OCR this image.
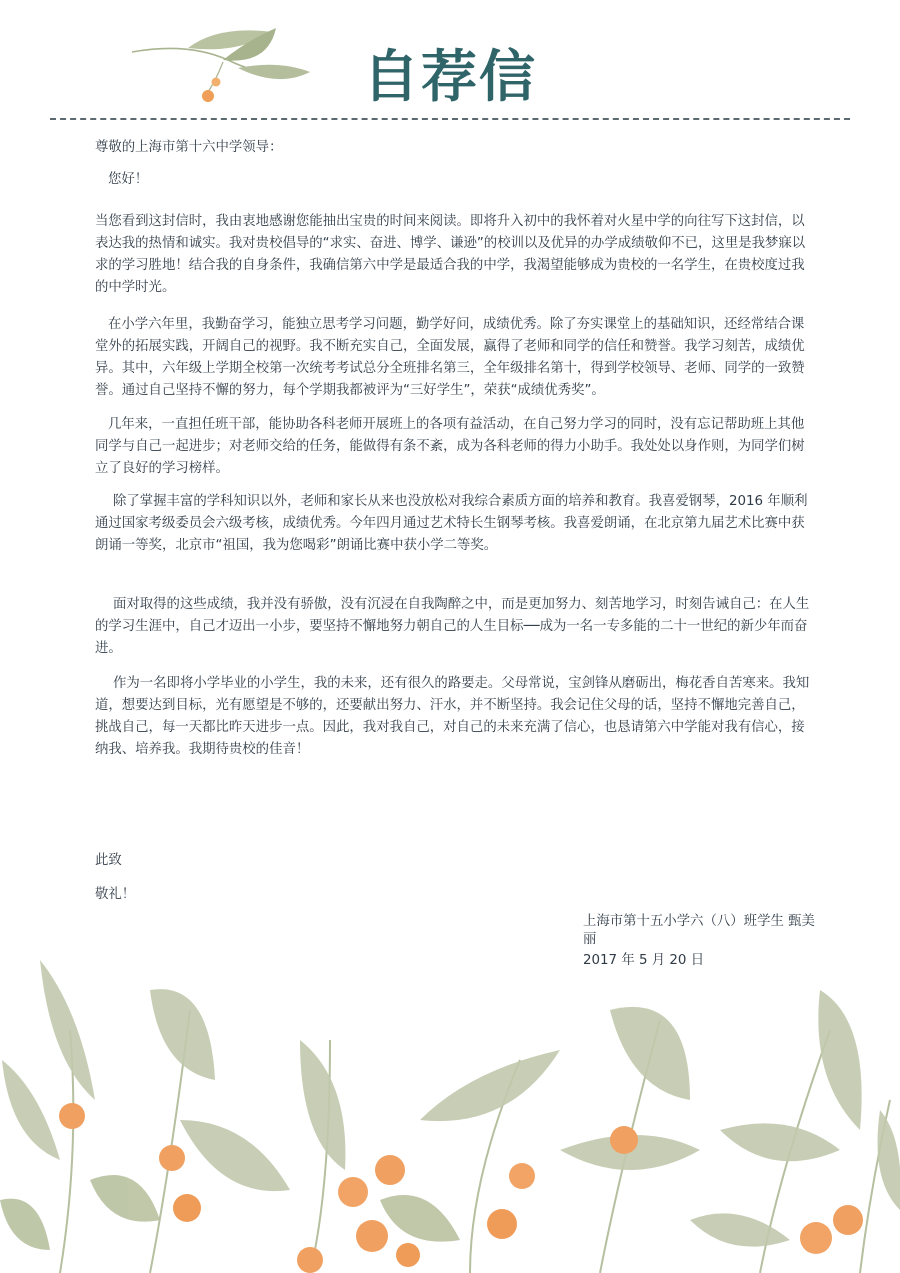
自荐信
尊敬的上海市第十六中学领导：
您好！

当您看到这封信时，我由衷地感谢您能抽出宝贵的时间来阅读。即将升入初中的我怀着对火星中学的向往写下这封信，以表达我的热情和诚实。我对贵校倡导的“求实、奋进、博学、谦逊”的校训以及优异的办学成绩敬仰不已，这里是我梦寐以求的学习胜地！结合我的自身条件，我确信第六中学是最适合我的中学，我渴望能够成为贵校的一名学生，在贵校度过我的中学时光。

在小学六年里，我勤奋学习，能独立思考学习问题，勤学好问，成绩优秀。除了夯实课堂上的基础知识，还经常结合课堂外的拓展实践，开阔自己的视野。我不断充实自己，全面发展，赢得了老师和同学的信任和赞誉。我学习刻苦，成绩优异。其中，六年级上学期全校第一次统考考试总分全班排名第三，全年级排名第十，得到学校领导、老师、同学的一致赞誉。通过自己坚持不懈的努力，每个学期我都被评为“三好学生”，荣获“成绩优秀奖”。

几年来，一直担任班干部，能协助各科老师开展班上的各项有益活动，在自己努力学习的同时，没有忘记帮助班上其他同学与自己一起进步；对老师交给的任务，能做得有条不紊，成为各科老师的得力小助手。我处处以身作则，为同学们树立了良好的学习榜样。

除了掌握丰富的学科知识以外，老师和家长从来也没放松对我综合素质方面的培养和教育。我喜爱钢琴，2016 年顺利通过国家考级委员会六级考核，成绩优秀。今年四月通过艺术特长生钢琴考核。我喜爱朗诵，在北京第九届艺术比赛中获朗诵一等奖，北京市“祖国，我为您喝彩”朗诵比赛中获小学二等奖。

面对取得的这些成绩，我并没有骄傲，没有沉浸在自我陶醉之中，而是更加努力、刻苦地学习，时刻告诫自己：在人生的学习生涯中，自己才迈出一小步，要坚持不懈地努力朝自己的人生目标──成为一名一专多能的二十一世纪的新少年而奋进。

作为一名即将小学毕业的小学生，我的未来，还有很久的路要走。父母常说，宝剑锋从磨砺出，梅花香自苦寒来。我知道，想要达到目标，光有愿望是不够的，还要献出努力、汗水，并不断坚持。我会记住父母的话，坚持不懈地完善自己，挑战自己，每一天都比昨天进步一点。因此，我对我自己，对自己的未来充满了信心，也恳请第六中学能对我有信心，接纳我、培养我。我期待贵校的佳音！

此致
敬礼！
上海市第十五小学六（八）班学生 甄美丽
2017 年 5 月 20 日
